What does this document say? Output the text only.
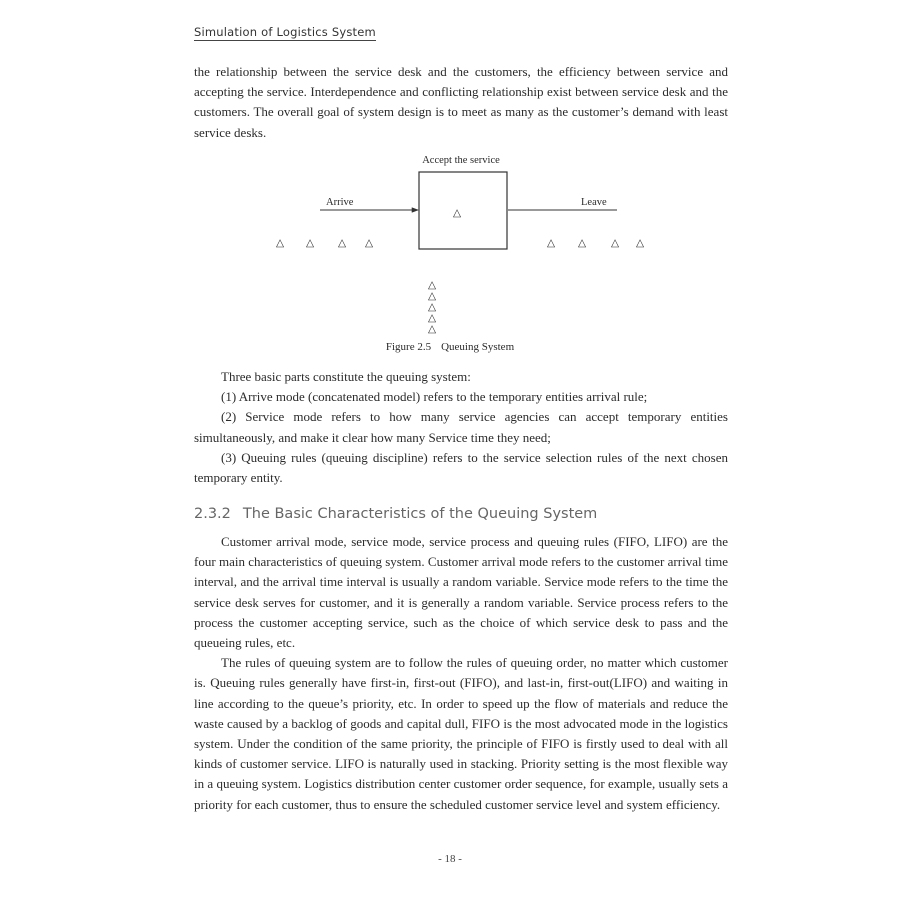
Simulation of Logistics System

the relationship between the service desk and the customers, the efficiency between service and accepting the service. Interdependence and conflicting relationship exist between service desk and the customers. The overall goal of system design is to meet as many as the customer’s demand with least service desks.

Accept the service
△
Arrive	Leave
△ △ △ △	△ △ △ △
△
△
△
△
△
Figure 2.5 Queuing System

Three basic parts constitute the queuing system:

(1) Arrive mode (concatenated model) refers to the temporary entities arrival rule;

(2) Service mode refers to how many service agencies can accept temporary entities simultaneously, and make it clear how many Service time they need;

(3) Queuing rules (queuing discipline) refers to the service selection rules of the next chosen temporary entity.

2.3.2 The Basic Characteristics of the Queuing System

Customer arrival mode, service mode, service process and queuing rules (FIFO, LIFO) are the four main characteristics of queuing system. Customer arrival mode refers to the customer arrival time interval, and the arrival time interval is usually a random variable. Service mode refers to the time the service desk serves for customer, and it is generally a random variable. Service process refers to the process the customer accepting service, such as the choice of which service desk to pass and the queueing rules, etc.

The rules of queuing system are to follow the rules of queuing order, no matter which customer is. Queuing rules generally have first-in, first-out (FIFO), and last-in, first-out(LIFO) and waiting in line according to the queue’s priority, etc. In order to speed up the flow of materials and reduce the waste caused by a backlog of goods and capital dull, FIFO is the most advocated mode in the logistics system. Under the condition of the same priority, the principle of FIFO is firstly used to deal with all kinds of customer service. LIFO is naturally used in stacking. Priority setting is the most flexible way in a queuing system. Logistics distribution center customer order sequence, for example, usually sets a priority for each customer, thus to ensure the scheduled customer service level and system efficiency.

- 18 -
